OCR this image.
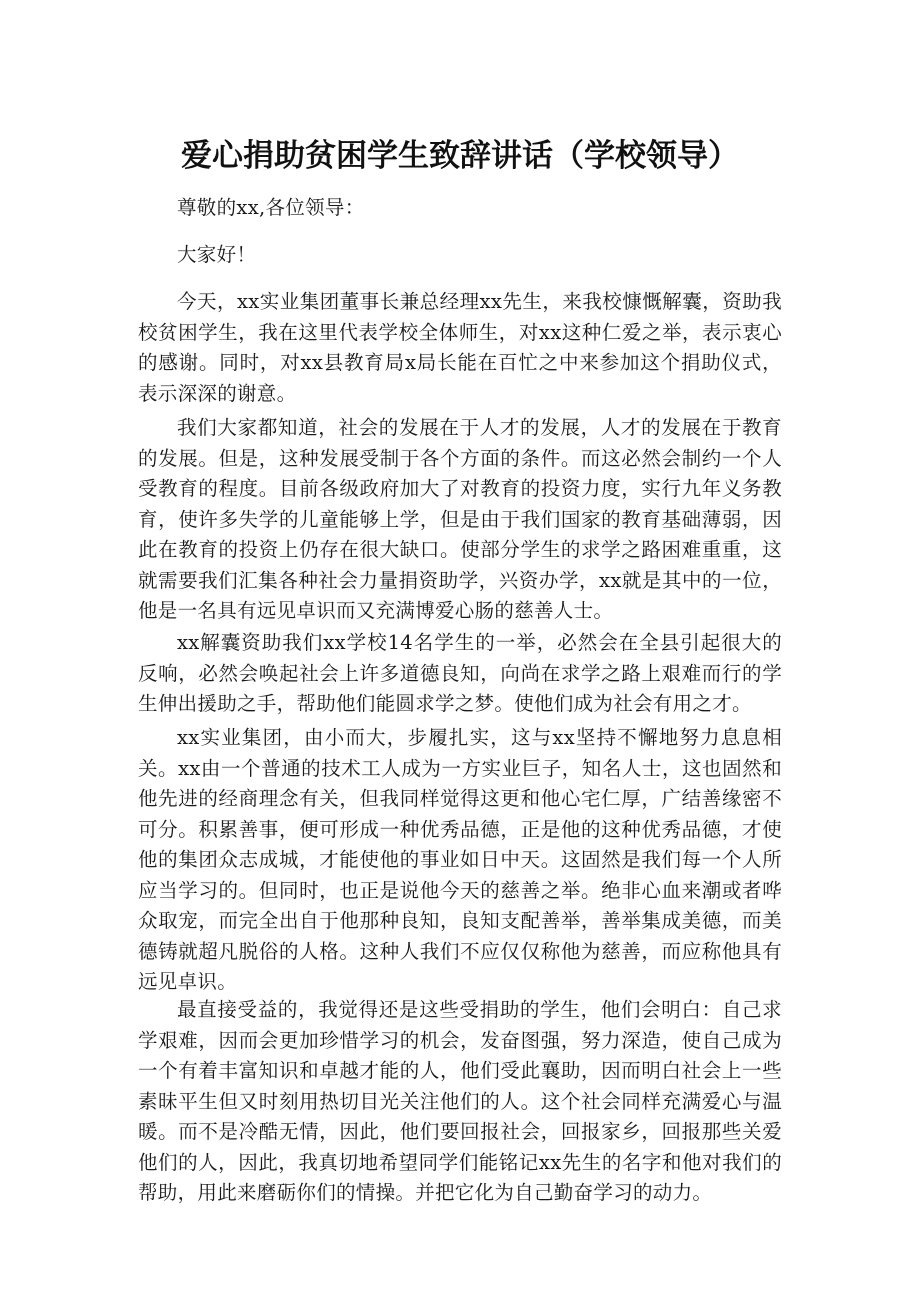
爱心捐助贫困学生致辞讲话（学校领导）

尊敬的xx,各位领导：

大家好！

今天，xx实业集团董事长兼总经理xx先生，来我校慷慨解囊，资助我校贫困学生，我在这里代表学校全体师生，对xx这种仁爱之举，表示衷心的感谢。同时，对xx县教育局x局长能在百忙之中来参加这个捐助仪式，表示深深的谢意。

我们大家都知道，社会的发展在于人才的发展，人才的发展在于教育的发展。但是，这种发展受制于各个方面的条件。而这必然会制约一个人受教育的程度。目前各级政府加大了对教育的投资力度，实行九年义务教育，使许多失学的儿童能够上学，但是由于我们国家的教育基础薄弱，因此在教育的投资上仍存在很大缺口。使部分学生的求学之路困难重重，这就需要我们汇集各种社会力量捐资助学，兴资办学，xx就是其中的一位，他是一名具有远见卓识而又充满博爱心肠的慈善人士。

xx解囊资助我们xx学校14名学生的一举，必然会在全县引起很大的反响，必然会唤起社会上许多道德良知，向尚在求学之路上艰难而行的学生伸出援助之手，帮助他们能圆求学之梦。使他们成为社会有用之才。

xx实业集团，由小而大，步履扎实，这与xx坚持不懈地努力息息相关。xx由一个普通的技术工人成为一方实业巨子，知名人士，这也固然和他先进的经商理念有关，但我同样觉得这更和他心宅仁厚，广结善缘密不可分。积累善事，便可形成一种优秀品德，正是他的这种优秀品德，才使他的集团众志成城，才能使他的事业如日中天。这固然是我们每一个人所应当学习的。但同时，也正是说他今天的慈善之举。绝非心血来潮或者哗众取宠，而完全出自于他那种良知，良知支配善举，善举集成美德，而美德铸就超凡脱俗的人格。这种人我们不应仅仅称他为慈善，而应称他具有远见卓识。

最直接受益的，我觉得还是这些受捐助的学生，他们会明白：自己求学艰难，因而会更加珍惜学习的机会，发奋图强，努力深造，使自己成为一个有着丰富知识和卓越才能的人，他们受此襄助，因而明白社会上一些素昧平生但又时刻用热切目光关注他们的人。这个社会同样充满爱心与温暖。而不是冷酷无情，因此，他们要回报社会，回报家乡，回报那些关爱他们的人，因此，我真切地希望同学们能铭记xx先生的名字和他对我们的帮助，用此来磨砺你们的情操。并把它化为自己勤奋学习的动力。
